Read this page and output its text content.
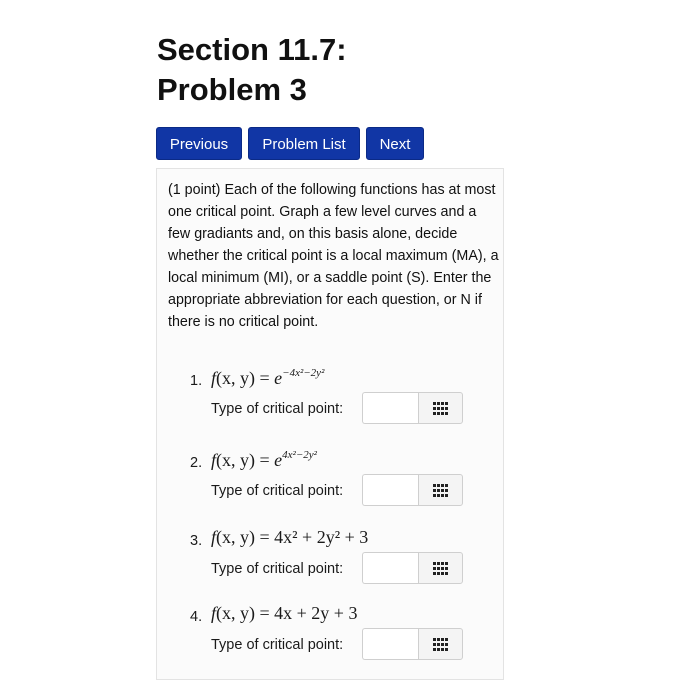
Section 11.7:
Problem 3
Previous	Problem List	Next
(1 point) Each of the following functions has at most one critical point. Graph a few level curves and a few gradiants and, on this basis alone, decide whether the critical point is a local maximum (MA), a local minimum (MI), or a saddle point (S). Enter the appropriate abbreviation for each question, or N if there is no critical point.
1. f(x, $y) = e^{-4x^2-2y^2}$
Type of critical point:
2. f(x, $y) = e^{4x^2-2y^2}$
Type of critical point:
3. f(x, y) = 4x² + 2y² + 3
Type of critical point:
4. f(x, y) = 4x + 2y + 3
Type of critical point:
